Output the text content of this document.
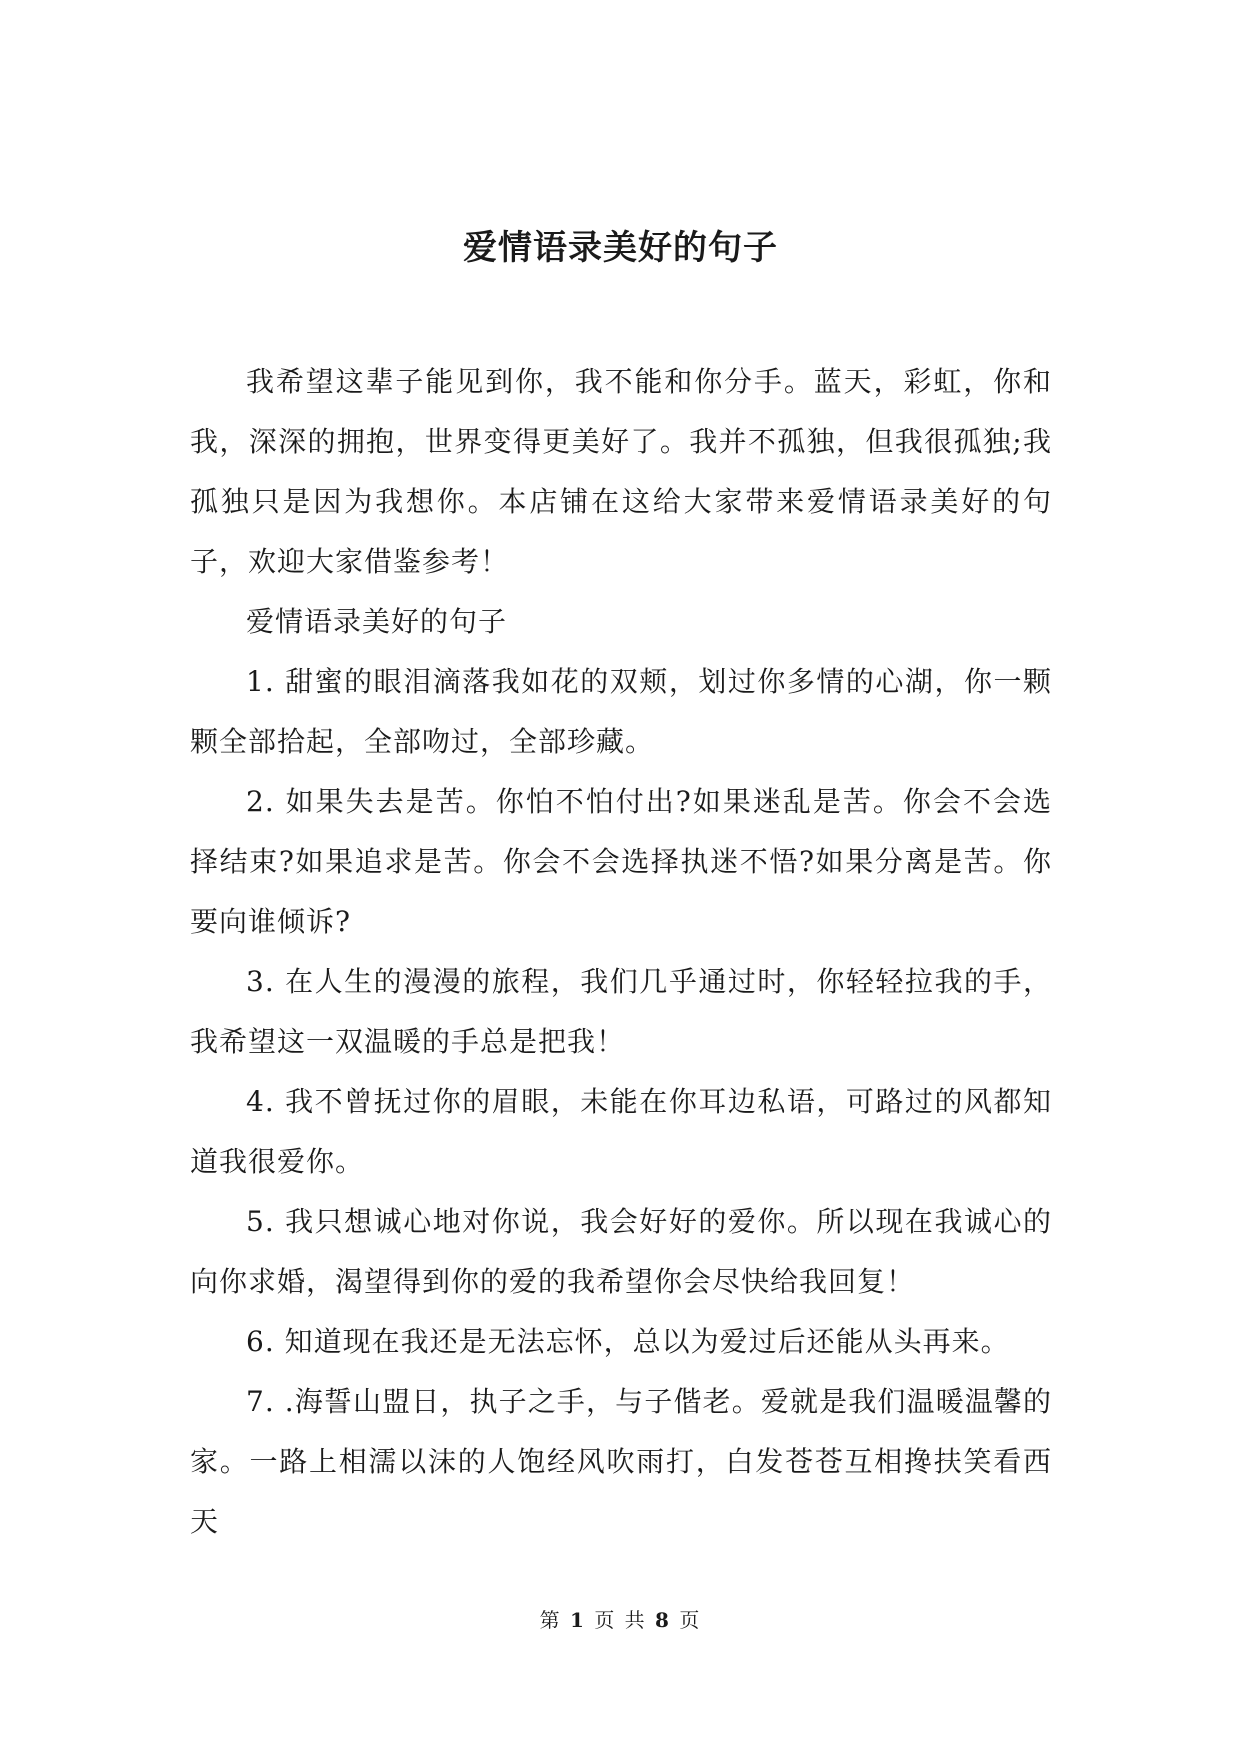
爱情语录美好的句子

我希望这辈子能见到你，我不能和你分手。蓝天，彩虹，你和我，深深的拥抱，世界变得更美好了。我并不孤独，但我很孤独;我孤独只是因为我想你。本店铺在这给大家带来爱情语录美好的句子，欢迎大家借鉴参考！

爱情语录美好的句子

1. 甜蜜的眼泪滴落我如花的双颊，划过你多情的心湖，你一颗颗全部拾起，全部吻过，全部珍藏。

2. 如果失去是苦。你怕不怕付出?如果迷乱是苦。你会不会选择结束?如果追求是苦。你会不会选择执迷不悟?如果分离是苦。你要向谁倾诉?

3. 在人生的漫漫的旅程，我们几乎通过时，你轻轻拉我的手，我希望这一双温暖的手总是把我！

4. 我不曾抚过你的眉眼，未能在你耳边私语，可路过的风都知道我很爱你。

5. 我只想诚心地对你说，我会好好的爱你。所以现在我诚心的向你求婚，渴望得到你的爱的我希望你会尽快给我回复！

6. 知道现在我还是无法忘怀，总以为爱过后还能从头再来。

7. .海誓山盟日，执子之手，与子偕老。爱就是我们温暖温馨的家。一路上相濡以沫的人饱经风吹雨打，白发苍苍互相搀扶笑看西天

第 1 页 共 8 页
